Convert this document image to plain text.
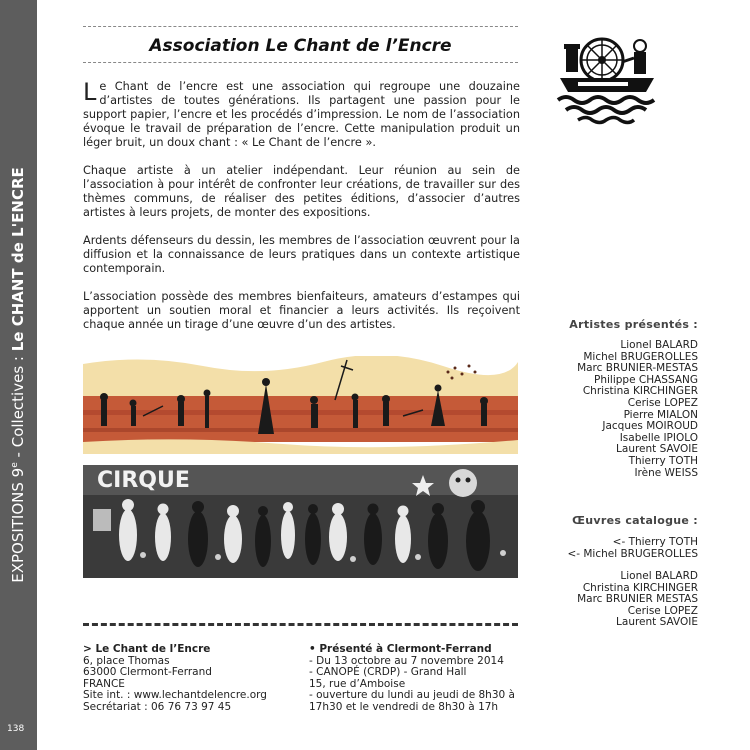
EXPOSITIONS 9e - Collectives : Le CHANT de L'ENCRE
138
Association Le Chant de l’Encre

Le Chant de l’encre est une association qui regroupe une douzaine d’artistes de toutes générations. Ils partagent une passion pour le support papier, l’encre et les procédés d’impression. Le nom de l’association évoque le travail de préparation de l’encre. Cette manipulation produit un léger bruit, un doux chant : « Le Chant de l’encre ».

Chaque artiste à un atelier indépendant. Leur réunion au sein de l’association à pour intérêt de confronter leur créations, de travailler sur des thèmes communs, de réaliser des petites éditions, d’associer d’autres artistes à leurs projets, de monter des expositions.

Ardents défenseurs du dessin, les membres de l’association œuvrent pour la diffusion et la connaissance de leurs pratiques dans un contexte artistique contemporain.

L’association possède des membres bienfaiteurs, amateurs d’estampes qui apportent un soutien moral et financier a leurs activités. Ils reçoivent chaque année un tirage d’une œuvre d’un des artistes.	Artistes présentés :
Lionel BALARD
Michel BRUGEROLLES
Marc BRUNIER-MESTAS
Philippe CHASSANG
Christina KIRCHINGER
Cerise LOPEZ
Pierre MIALON
Jacques MOIROUD
Isabelle IPIOLO
Laurent SAVOIE
Thierry TOTH
Irène WEISS
Œuvres catalogue :
<- Thierry TOTH
<- Michel BRUGEROLLES
Lionel BALARD
Christina KIRCHINGER
Marc BRUNIER MESTAS
Cerise LOPEZ
Laurent SAVOIE
CIRQUE
> Le Chant de l’Encre
6, place Thomas
63000 Clermont-Ferrand
FRANCE
Site int. : www.lechantdelencre.org
Secrétariat : 06 76 73 97 45
• Présenté à Clermont-Ferrand
- Du 13 octobre au 7 novembre 2014
- CANOPÉ (CRDP) - Grand Hall
15, rue d’Amboise
- ouverture du lundi au jeudi de 8h30 à
17h30 et le vendredi de 8h30 à 17h
